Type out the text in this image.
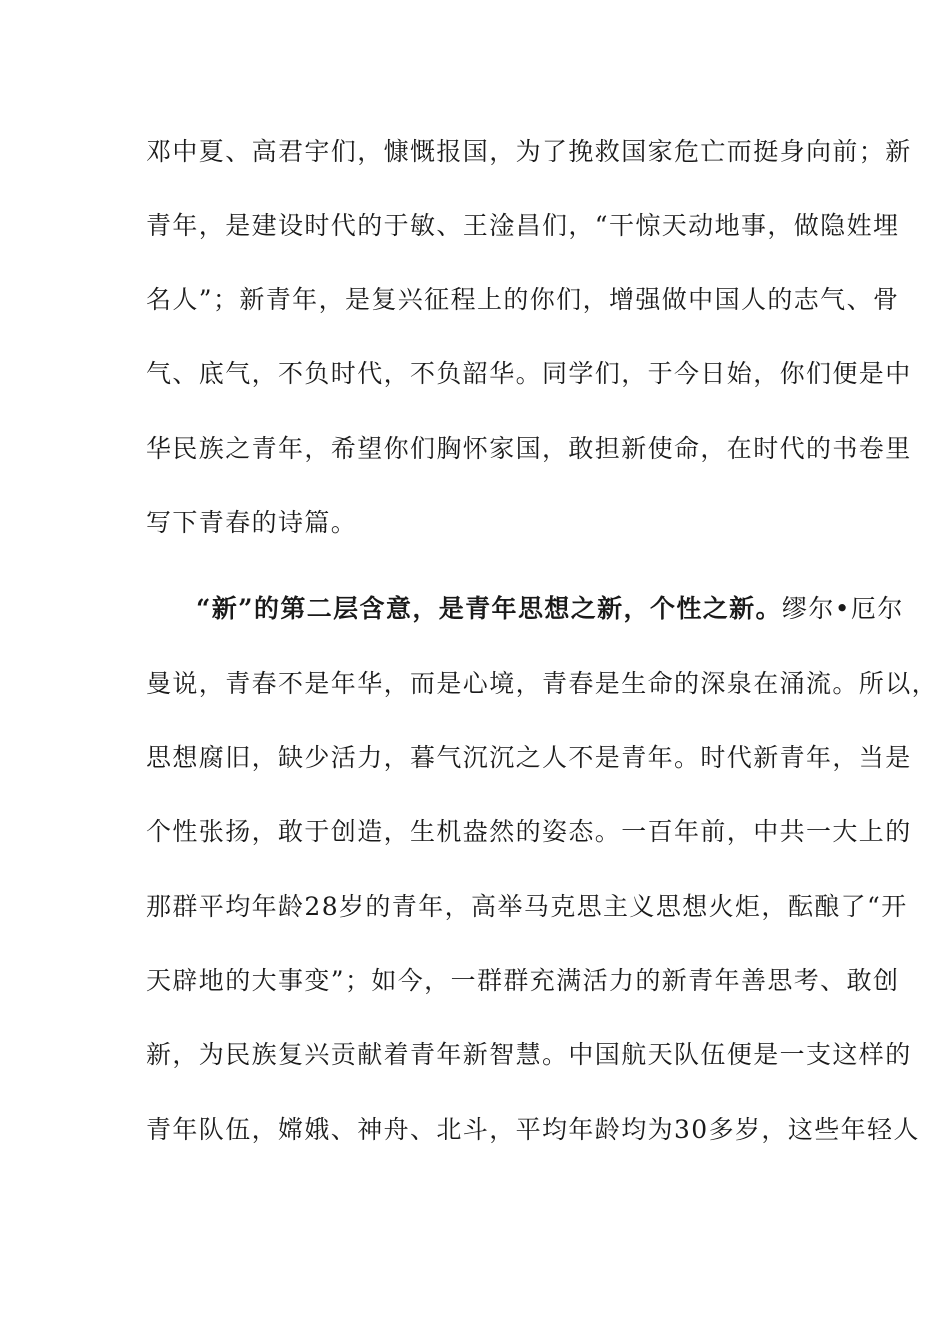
邓中夏、高君宇们，慷慨报国，为了挽救国家危亡而挺身向前；新
青年，是建设时代的于敏、王淦昌们，“干惊天动地事，做隐姓埋
名人”；新青年，是复兴征程上的你们，增强做中国人的志气、骨
气、底气，不负时代，不负韶华。同学们，于今日始，你们便是中
华民族之青年，希望你们胸怀家国，敢担新使命，在时代的书卷里
写下青春的诗篇。
“新”的第二层含意，是青年思想之新，个性之新。缪尔•厄尔
曼说，青春不是年华，而是心境，青春是生命的深泉在涌流。所以，
思想腐旧，缺少活力，暮气沉沉之人不是青年。时代新青年，当是
个性张扬，敢于创造，生机盎然的姿态。一百年前，中共一大上的
那群平均年龄28岁的青年，高举马克思主义思想火炬，酝酿了“开
天辟地的大事变”；如今，一群群充满活力的新青年善思考、敢创
新，为民族复兴贡献着青年新智慧。中国航天队伍便是一支这样的
青年队伍，嫦娥、神舟、北斗，平均年龄均为30多岁，这些年轻人
